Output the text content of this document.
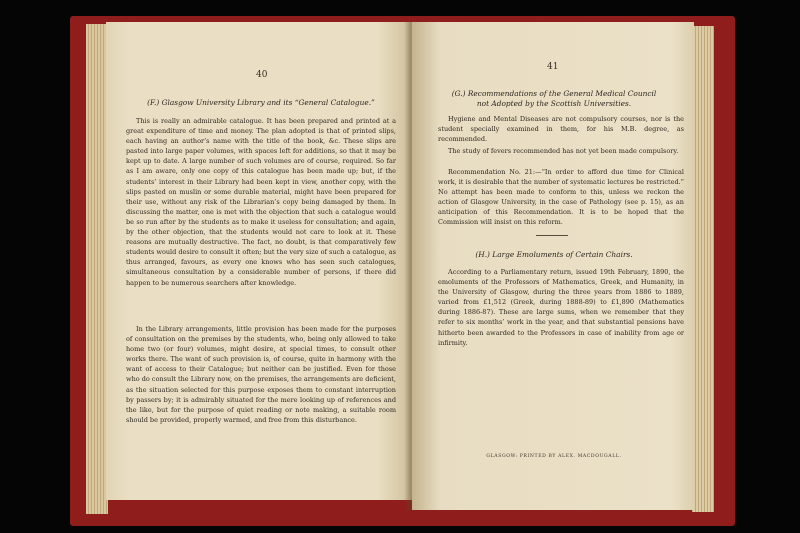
40
(F.) Glasgow University Library and its “General Catalogue.”

This is really an admirable catalogue. It has been prepared and printed at a great expenditure of time and money. The plan adopted is that of printed slips, each having an author’s name with the title of the book, &c. These slips are pasted into large paper volumes, with spaces left for additions, so that it may be kept up to date. A large number of such volumes are of course, required. So far as I am aware, only one copy of this catalogue has been made up; but, if the students’ interest in their Library had been kept in view, another copy, with the slips pasted on muslin or some durable material, might have been prepared for their use, without any risk of the Librarian’s copy being damaged by them. In discussing the matter, one is met with the objection that such a catalogue would be so run after by the students as to make it useless for consultation; and again, by the other objection, that the students would not care to look at it. These reasons are mutually destructive. The fact, no doubt, is that comparatively few students would desire to consult it often; but the very size of such a catalogue, as thus arranged, favours, as every one knows who has seen such catalogues, simultaneous consultation by a considerable number of persons, if there did happen to be numerous searchers after knowledge.

In the Library arrangements, little provision has been made for the purposes of consultation on the premises by the students, who, being only allowed to take home two (or four) volumes, might desire, at special times, to consult other works there. The want of such provision is, of course, quite in harmony with the want of access to their Catalogue; but neither can be justified. Even for those who do consult the Library now, on the premises, the arrangements are deficient, as the situation selected for this purpose exposes them to constant interruption by passers by; it is admirably situated for the mere looking up of references and the like, but for the purpose of quiet reading or note making, a suitable room should be provided, properly warmed, and free from this disturbance.

41
(G.) Recommendations of the General Medical Council
not Adopted by the Scottish Universities.

Hygiene and Mental Diseases are not compulsory courses, nor is the student specially examined in them, for his M.B. degree, as recommended.

The study of fevers recommended has not yet been made compulsory.

Recommendation No. 21:—“In order to afford due time for Clinical work, it is desirable that the number of systematic lectures be restricted.” No attempt has been made to conform to this, unless we reckon the action of Glasgow University, in the case of Pathology (see p. 15), as an anticipation of this Recommendation. It is to be hoped that the Commission will insist on this reform.

(H.) Large Emoluments of Certain Chairs.

According to a Parliamentary return, issued 19th February, 1890, the emoluments of the Professors of Mathematics, Greek, and Humanity, in the University of Glasgow, during the three years from 1886 to 1889, varied from £1,512 (Greek, during 1888-89) to £1,890 (Mathematics during 1886-87). These are large sums, when we remember that they refer to six months’ work in the year, and that substantial pensions have hitherto been awarded to the Professors in case of inability from age or infirmity.

GLASGOW: PRINTED BY ALEX. MACDOUGALL.
